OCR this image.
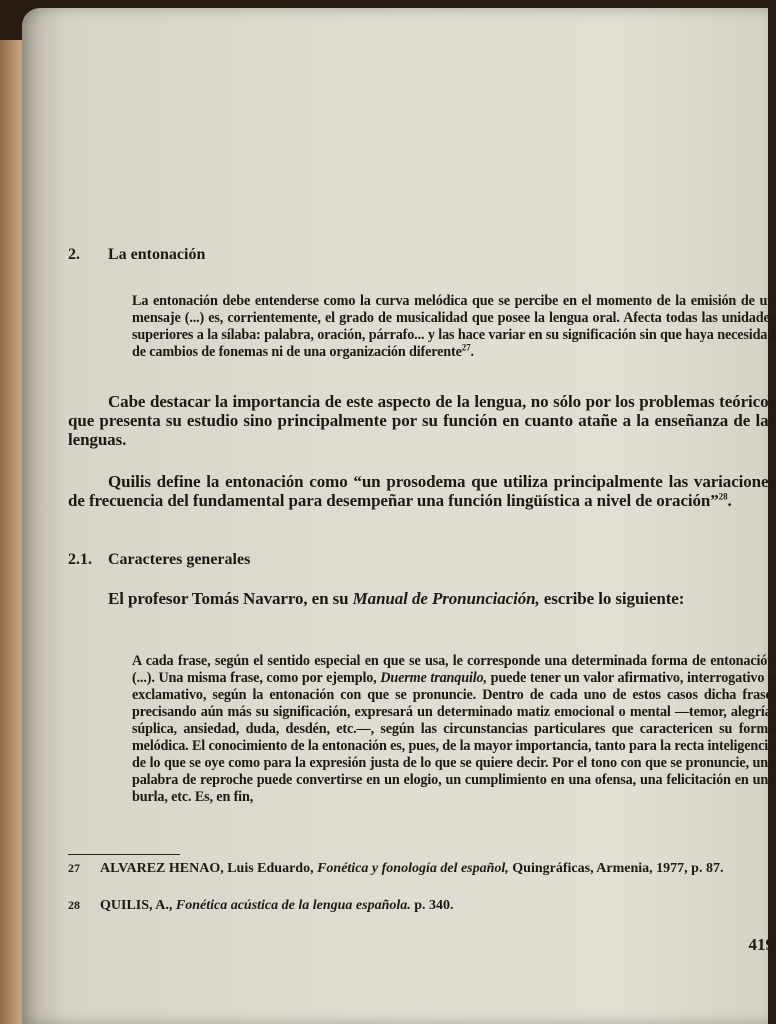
2. La entonación
La entonación debe entenderse como la curva melódica que se percibe en el momento de la emisión de un mensaje (...) es, corrientemente, el grado de musicalidad que posee la lengua oral. Afecta todas las unidades superiores a la sílaba: palabra, oración, párrafo... y las hace variar en su significación sin que haya necesidad de cambios de fonemas ni de una organización diferente$^{27}$.
Cabe destacar la importancia de este aspecto de la lengua, no sólo por los problemas teóricos que presenta su estudio sino principalmente por su función en cuanto atañe a la enseñanza de las lenguas.
Quilis define la entonación como “un prosodema que utiliza principalmente las variaciones de frecuencia del fundamental para desempeñar una función lingüística a nivel de oración”$^{28}$.
2.1. Caracteres generales
El profesor Tomás Navarro, en su Manual de Pronunciación, escribe lo siguiente:
A cada frase, según el sentido especial en que se usa, le corresponde una determinada forma de entonación (...). Una misma frase, como por ejemplo, Duerme tranquilo, puede tener un valor afirmativo, interrogativo o exclamativo, según la entonación con que se pronuncie. Dentro de cada uno de estos casos dicha frase, precisando aún más su significación, expresará un determinado matiz emocional o mental —temor, alegría, súplica, ansiedad, duda, desdén, etc.—, según las circunstancias particulares que caractericen su forma melódica. El conocimiento de la entonación es, pues, de la mayor importancia, tanto para la recta inteligencia de lo que se oye como para la expresión justa de lo que se quiere decir. Por el tono con que se pronuncie, una palabra de reproche puede convertirse en un elogio, un cumplimiento en una ofensa, una felicitación en una burla, etc. Es, en fin,
27 ALVAREZ HENAO, Luis Eduardo, Fonética y fonología del español, Quingráficas, Armenia, 1977, p. 87.
28 QUILIS, A., Fonética acústica de la lengua española. p. 340.
419
